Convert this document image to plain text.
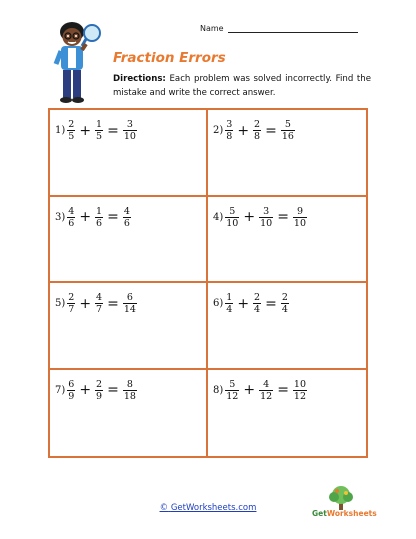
Name
Fraction Errors
Directions: Each problem was solved incorrectly. Find the mistake and write the correct answer.
$1) \frac{2}{5} + \frac{1}{5} = \frac{3}{10}$	$2) \frac{3}{8} + \frac{2}{8} = \frac{5}{16}$
$3) \frac{4}{6} + \frac{1}{6} = \frac{4}{6}$	$4) \frac{5}{10} + \frac{3}{10} = \frac{9}{10}$
$5) \frac{2}{7} + \frac{4}{7} = \frac{6}{14}$	$6) \frac{1}{4} + \frac{2}{4} = \frac{2}{4}$
$7) \frac{6}{9} + \frac{2}{9} = \frac{8}{18}$	$8) \frac{5}{12} + \frac{4}{12} = \frac{10}{12}$
© GetWorksheets.com
GetWorksheets
